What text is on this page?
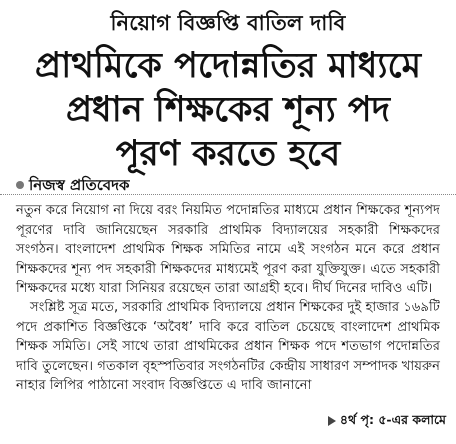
নিয়োগ বিজ্ঞপ্তি বাতিল দাবি
প্রাথমিকে পদোন্নতির মাধ্যমে
প্রধান শিক্ষকের শূন্য পদ
পূরণ করতে হবে
নিজস্ব প্রতিবেদক
নতুন করে নিয়োগ না দিয়ে বরং নিয়মিত পদোন্নতির মাধ্যমে প্রধান শিক্ষকের শূন্যপদ পূরণের দাবি জানিয়েছেন সরকারি প্রাথমিক বিদ্যালয়ের সহকারী শিক্ষকদের সংগঠন। বাংলাদেশ প্রাথমিক শিক্ষক সমিতির নামে এই সংগঠন মনে করে প্রধান শিক্ষকদের শূন্য পদ সহকারী শিক্ষকদের মাধ্যমেই পূরণ করা যুক্তিযুক্ত। এতে সহকারী শিক্ষকদের মধ্যে যারা সিনিয়র রয়েছেন তারা আগ্রহী হবে। দীর্ঘ দিনের দাবিও এটি।
সংশ্লিষ্ট সূত্র মতে, সরকারি প্রাথমিক বিদ্যালয়ে প্রধান শিক্ষকের দুই হাজার ১৬৯টি পদে প্রকাশিত বিজ্ঞপ্তিকে ‘অবৈধ’ দাবি করে বাতিল চেয়েছে বাংলাদেশ প্রাথমিক শিক্ষক সমিতি। সেই সাথে তারা প্রাথমিকের প্রধান শিক্ষক পদে শতভাগ পদোন্নতির দাবি তুলেছেন। গতকাল বৃহস্পতিবার সংগঠনটির কেন্দ্রীয় সাধারণ সম্পাদক খায়রুন নাহার লিপির পাঠানো সংবাদ বিজ্ঞপ্তিতে এ দাবি জানানো
৪র্থ পৃ: ৫-এর কলামে
